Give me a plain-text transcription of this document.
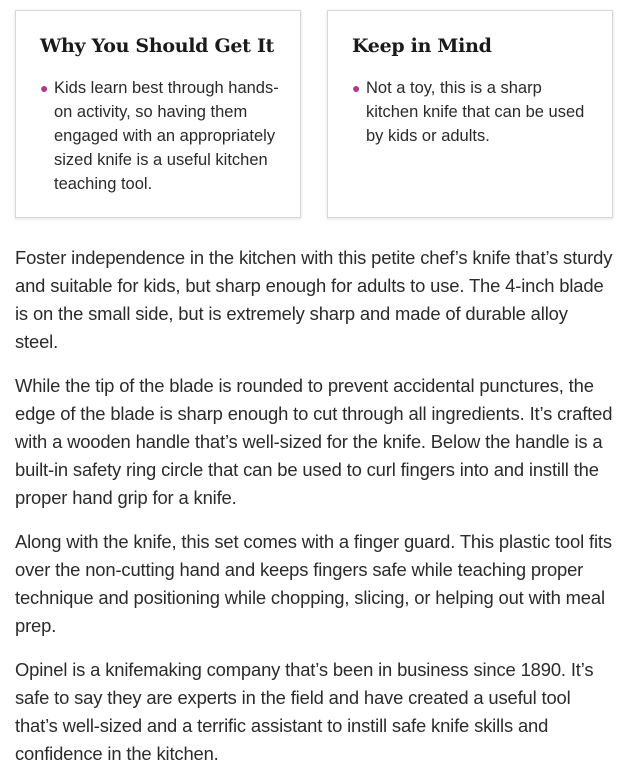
Why You Should Get It
● Kids learn best through hands-on activity, so having them engaged with an appropriately sized knife is a useful kitchen teaching tool.
Keep in Mind
● Not a toy, this is a sharp kitchen knife that can be used by kids or adults.

Foster independence in the kitchen with this petite chef’s knife that’s sturdy and suitable for kids, but sharp enough for adults to use. The 4-inch blade is on the small side, but is extremely sharp and made of durable alloy steel.

While the tip of the blade is rounded to prevent accidental punctures, the edge of the blade is sharp enough to cut through all ingredients. It’s crafted with a wooden handle that’s well-sized for the knife. Below the handle is a built-in safety ring circle that can be used to curl fingers into and instill the proper hand grip for a knife.

Along with the knife, this set comes with a finger guard. This plastic tool fits over the non-cutting hand and keeps fingers safe while teaching proper technique and positioning while chopping, slicing, or helping out with meal prep.

Opinel is a knifemaking company that’s been in business since 1890. It’s safe to say they are experts in the field and have created a useful tool that’s well-sized and a terrific assistant to instill safe knife skills and confidence in the kitchen.
